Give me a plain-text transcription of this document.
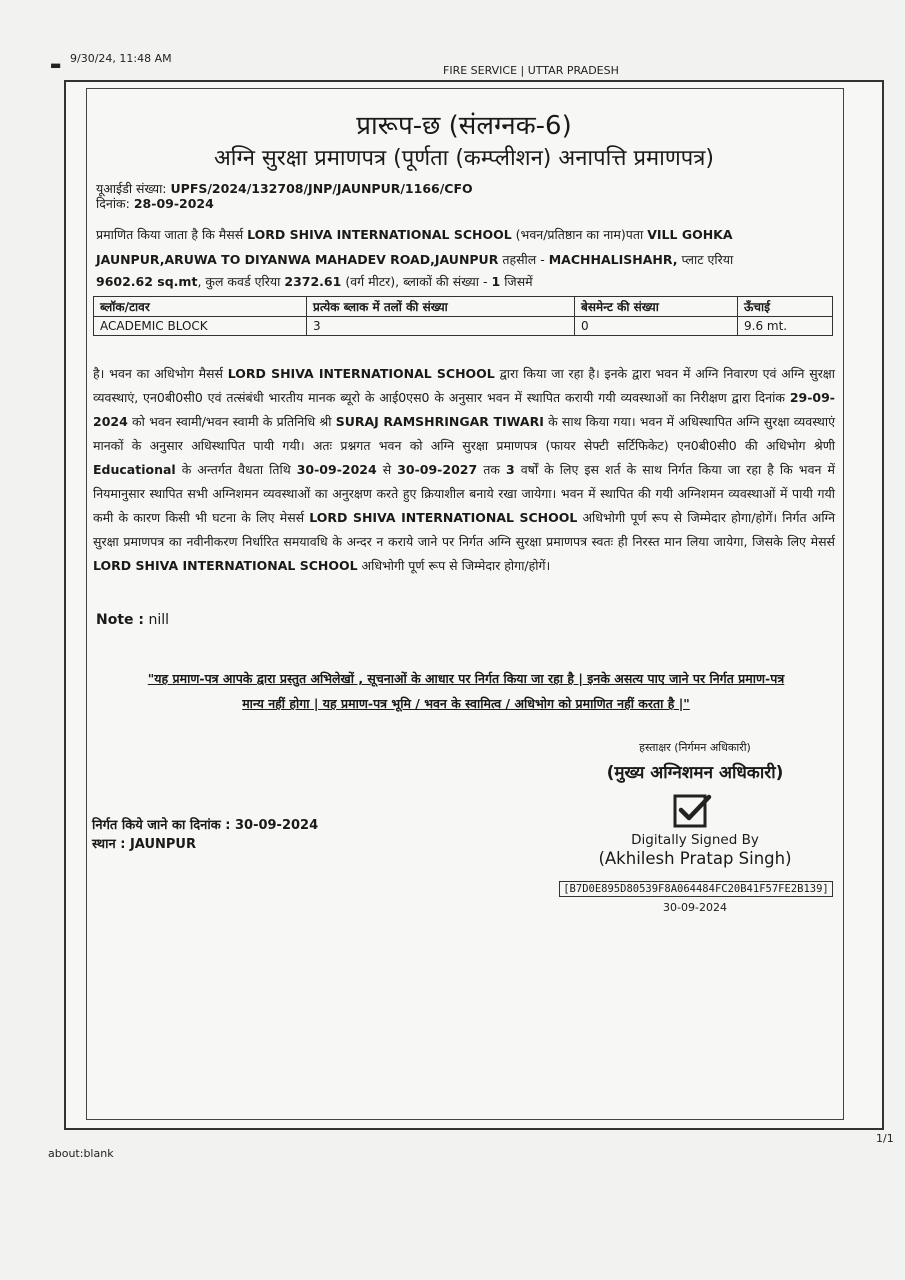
▬ 9/30/24, 11:48 AM
FIRE SERVICE | UTTAR PRADESH
about:blank
1/1
प्रारूप-छ (संलग्नक-6)
अग्नि सुरक्षा प्रमाणपत्र (पूर्णता (कम्प्लीशन) अनापत्ति प्रमाणपत्र)
यूआईडी संख्या: UPFS/2024/132708/JNP/JAUNPUR/1166/CFO
दिनांक: 28-09-2024
प्रमाणित किया जाता है कि मैसर्स LORD SHIVA INTERNATIONAL SCHOOL (भवन/प्रतिष्ठान का नाम)पता VILL GOHKA
JAUNPUR,ARUWA TO DIYANWA MAHADEV ROAD,JAUNPUR तहसील - MACHHALISHAHR, प्लाट एरिया
9602.62 sq.mt, कुल कवर्ड एरिया 2372.61 (वर्ग मीटर), ब्लाकों की संख्या - 1 जिसमें
ब्लॉक/टावर	प्रत्येक ब्लाक में तलों की संख्या	बेसमेन्ट की संख्या	ऊँचाई
ACADEMIC BLOCK	3	0	9.6 mt.
है। भवन का अधिभोग मैसर्स LORD SHIVA INTERNATIONAL SCHOOL द्वारा किया जा रहा है। इनके द्वारा भवन में अग्नि निवारण एवं अग्नि सुरक्षा व्यवस्थाएं, एन0बी0सी0 एवं तत्संबंधी भारतीय मानक ब्यूरो के आई0एस0 के अनुसार भवन में स्थापित करायी गयी व्यवस्थाओं का निरीक्षण द्वारा दिनांक 29-09-2024 को भवन स्वामी/भवन स्वामी के प्रतिनिधि श्री SURAJ RAMSHRINGAR TIWARI के साथ किया गया। भवन में अधिस्थापित अग्नि सुरक्षा व्यवस्थाएं मानकों के अनुसार अधिस्थापित पायी गयी। अतः प्रश्नगत भवन को अग्नि सुरक्षा प्रमाणपत्र (फायर सेफ्टी सर्टिफिकेट) एन0बी0सी0 की अधिभोग श्रेणी Educational के अन्तर्गत वैधता तिथि 30-09-2024 से 30-09-2027 तक 3 वर्षों के लिए इस शर्त के साथ निर्गत किया जा रहा है कि भवन में नियमानुसार स्थापित सभी अग्निशमन व्यवस्थाओं का अनुरक्षण करते हुए क्रियाशील बनाये रखा जायेगा। भवन में स्थापित की गयी अग्निशमन व्यवस्थाओं में पायी गयी कमी के कारण किसी भी घटना के लिए मेसर्स LORD SHIVA INTERNATIONAL SCHOOL अधिभोगी पूर्ण रूप से जिम्मेदार होगा/होगें। निर्गत अग्नि सुरक्षा प्रमाणपत्र का नवीनीकरण निर्धारित समयावधि के अन्दर न कराये जाने पर निर्गत अग्नि सुरक्षा प्रमाणपत्र स्वतः ही निरस्त मान लिया जायेगा, जिसके लिए मेसर्स LORD SHIVA INTERNATIONAL SCHOOL अधिभोगी पूर्ण रूप से जिम्मेदार होगा/होगें।
Note : nill
"यह प्रमाण-पत्र आपके द्वारा प्रस्तुत अभिलेखों , सूचनाओं के आधार पर निर्गत किया जा रहा है | इनके असत्य पाए जाने पर निर्गत प्रमाण-पत्र
मान्य नहीं होगा | यह प्रमाण-पत्र भूमि / भवन के स्वामित्व / अधिभोग को प्रमाणित नहीं करता है |"
हस्ताक्षर (निर्गमन अधिकारी)
(मुख्य अग्निशमन अधिकारी)
Digitally Signed By
(Akhilesh Pratap Singh)
[B7D0E895D80539F8A064484FC20B41F57FE2B139]
30-09-2024
निर्गत किये जाने का दिनांक : 30-09-2024
स्थान : JAUNPUR
